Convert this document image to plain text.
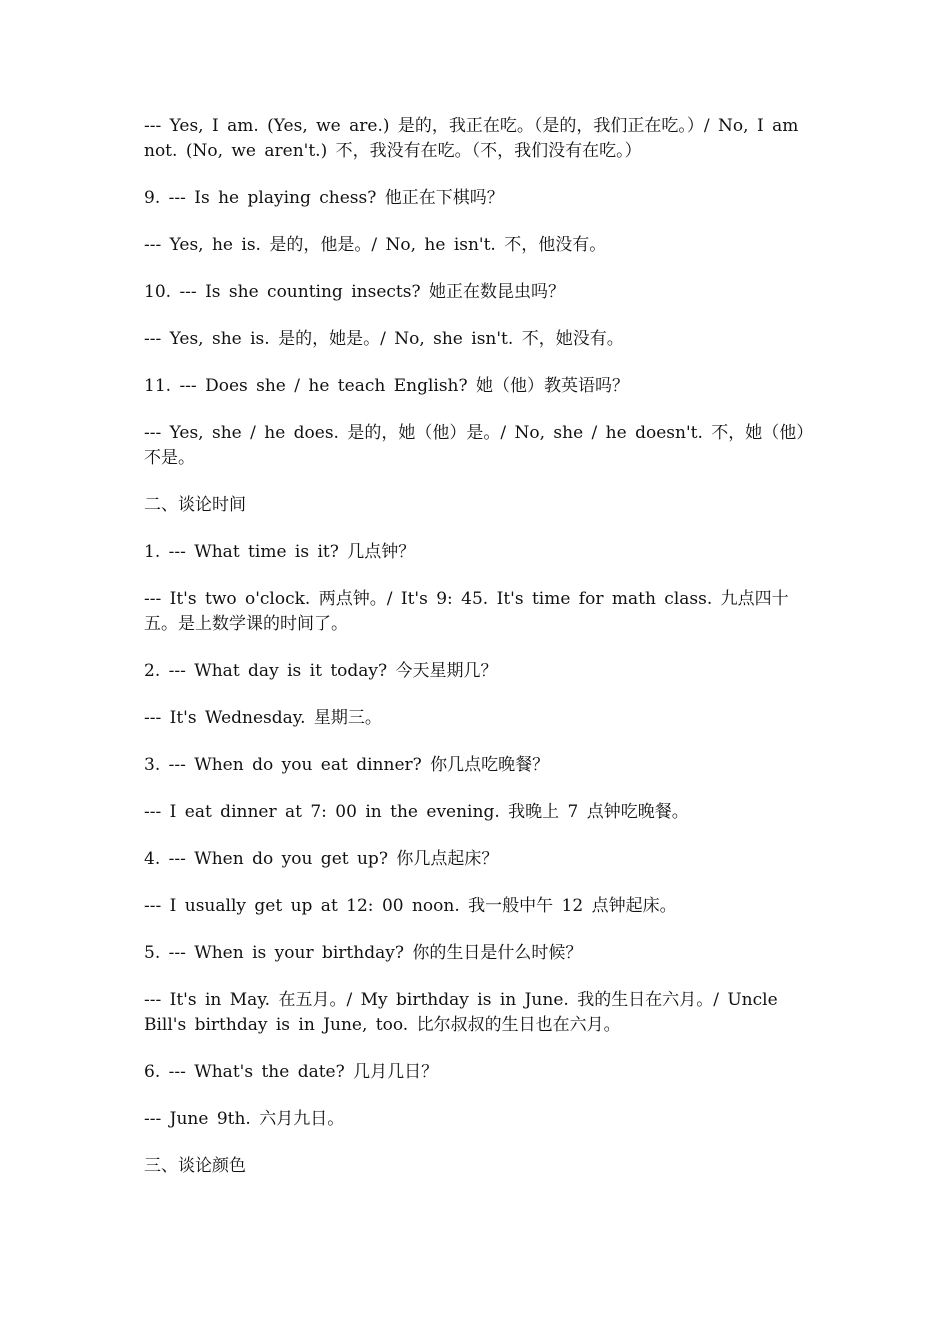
--- Yes, I am. (Yes, we are.) 是的，我正在吃。（是的，我们正在吃。）/ No, I am not. (No, we aren't.) 不，我没有在吃。（不，我们没有在吃。）

9. --- Is he playing chess? 他正在下棋吗？

--- Yes, he is. 是的，他是。/ No, he isn't. 不，他没有。

10. --- Is she counting insects? 她正在数昆虫吗？

--- Yes, she is. 是的，她是。/ No, she isn't. 不，她没有。

11. --- Does she / he teach English? 她（他）教英语吗？

--- Yes, she / he does. 是的，她（他）是。/ No, she / he doesn't. 不，她（他）不是。

二、谈论时间

1. --- What time is it? 几点钟？

--- It's two o'clock. 两点钟。/ It's 9: 45. It's time for math class. 九点四十五。是上数学课的时间了。

2. --- What day is it today? 今天星期几？

--- It's Wednesday. 星期三。

3. --- When do you eat dinner? 你几点吃晚餐？

--- I eat dinner at 7: 00 in the evening. 我晚上 7 点钟吃晚餐。

4. --- When do you get up? 你几点起床？

--- I usually get up at 12: 00 noon. 我一般中午 12 点钟起床。

5. --- When is your birthday? 你的生日是什么时候？

--- It's in May. 在五月。/ My birthday is in June. 我的生日在六月。/ Uncle Bill's birthday is in June, too. 比尔叔叔的生日也在六月。

6. --- What's the date? 几月几日？

--- June 9th. 六月九日。

三、谈论颜色
